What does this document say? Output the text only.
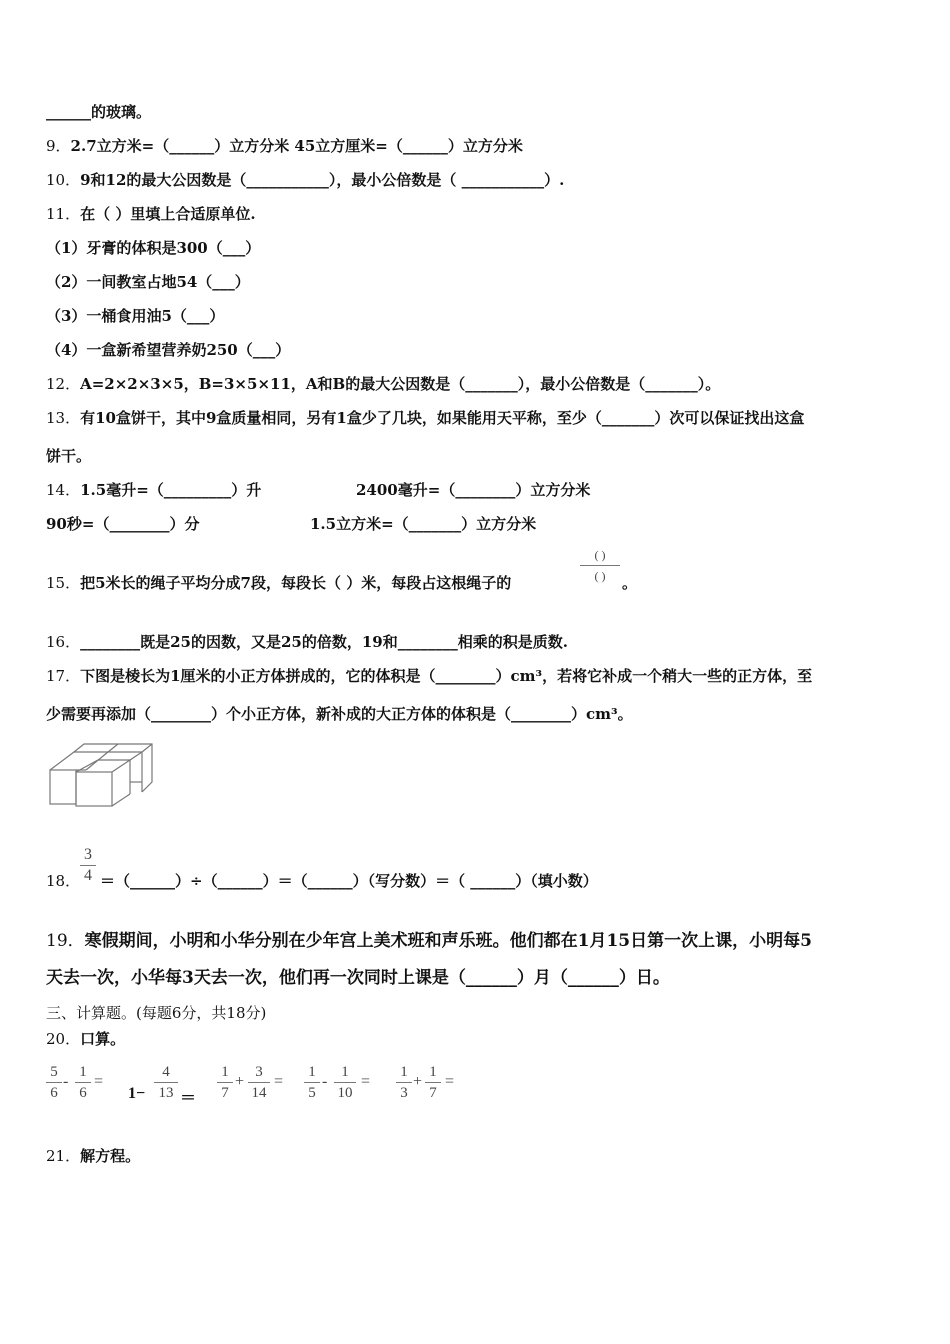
______的玻璃。
9．2.7立方米=（______）立方分米 45立方厘米=（______）立方分米
10．9和12的最大公因数是（___________），最小公倍数是（ ___________）.
11．在（ ）里填上合适原单位.
（1）牙膏的体积是300（___）
（2）一间教室占地54（___）
（3）一桶食用油5（___）
（4）一盒新希望营养奶250（___）
12．A=2×2×3×5，B=3×5×11，A和B的最大公因数是（_______），最小公倍数是（_______）。
13．有10盒饼干，其中9盒质量相同，另有1盒少了几块，如果能用天平称，至少（_______）次可以保证找出这盒
饼干。
14．1.5毫升=（_________）升	2400毫升=（________）立方分米
90秒=（________）分	1.5立方米=（_______）立方分米
15．把5米长的绳子平均分成7段，每段长（ ）米，每段占这根绳子的
( )
( )	。
16．________既是25的因数，又是25的倍数，19和________相乘的积是质数.
17．下图是棱长为1厘米的小正方体拼成的，它的体积是（________）cm³，若将它补成一个稍大一些的正方体，至
少需要再添加（________）个小正方体，新补成的大正方体的体积是（________）cm³。
18．
3
4 ＝（______）÷（______）＝（______）（写分数）＝（ ______）（填小数）
19．寒假期间，小明和小华分别在少年宫上美术班和声乐班。他们都在1月15日第一次上课，小明每5
天去一次，小华每3天去一次，他们再一次同时上课是（______）月（______）日。
三、计算题。(每题6分，共18分)
20．口算。
5
6
-
1
6
=
1−
4
13 ＝
1
7
+
3
14
=
1
5
-
1
10
=
1
3
+
1
7
=
21．解方程。
